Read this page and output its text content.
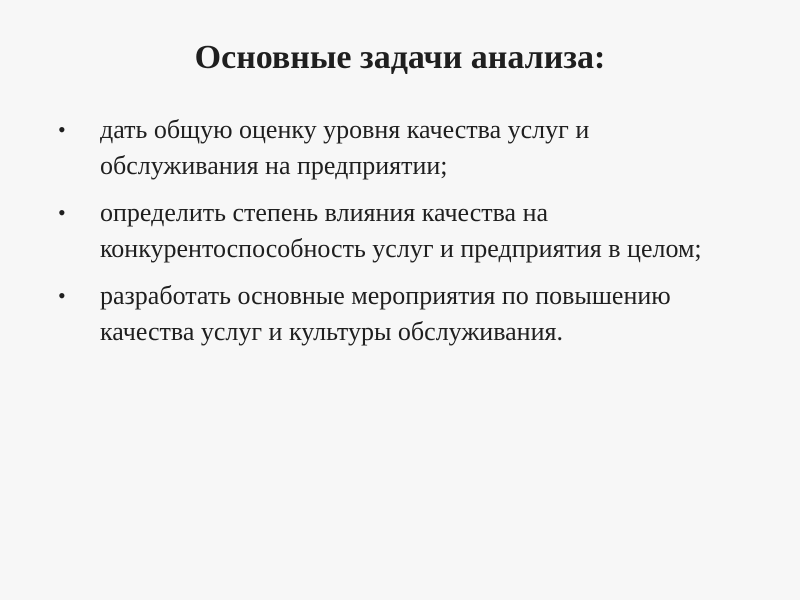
Основные задачи анализа:
• дать общую оценку уровня качества услуг и обслуживания на предприятии;
• определить степень влияния качества на конкурентоспособность услуг и предприятия в целом;
• разработать основные мероприятия по повышению качества услуг и культуры обслуживания.
